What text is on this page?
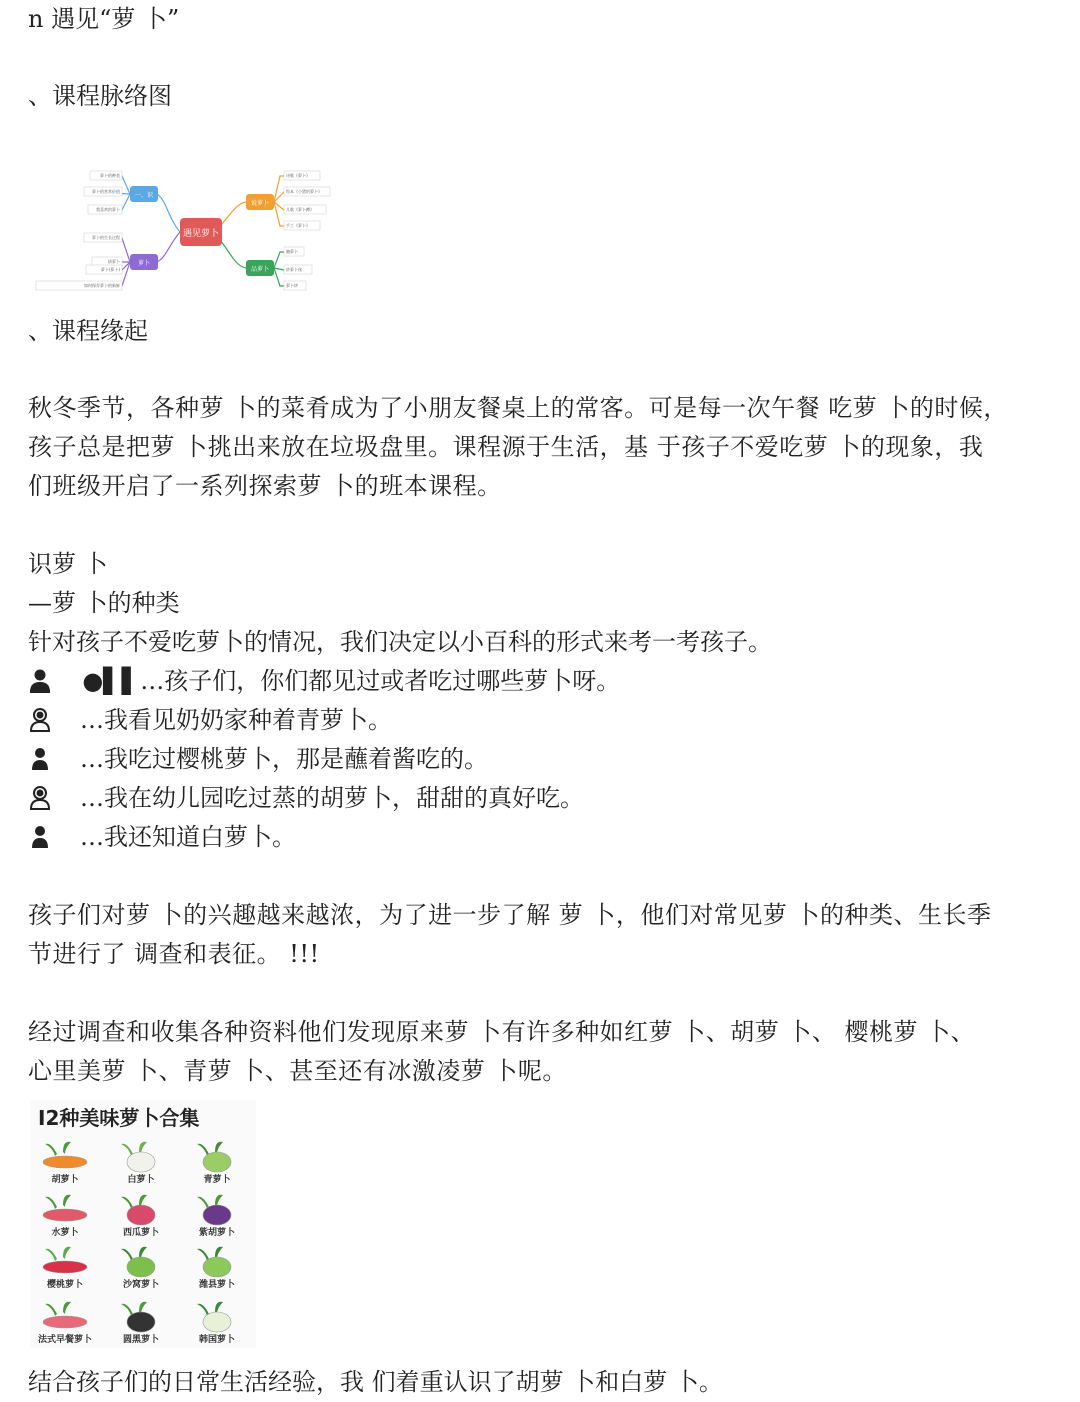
n 遇见“萝 卜”
、课程脉络图
遇见萝卜
一、识
萝卜
说萝卜
品萝卜
萝卜的种类
萝卜的营养价值
我喜欢的萝卜
萝卜的生长过程
拔萝卜
萝卜(萝卜)
如何保存萝卜的新鲜
诗歌《萝卜》
绘本《小猪的萝卜》
儿歌《萝卜蹲》
手工《萝卜》
腌萝卜
炒萝卜丝
萝卜饼
、课程缘起
秋冬季节，各种萝 卜的菜肴成为了小朋友餐桌上的常客。可是每一次午餐 吃萝 卜的时候，
孩子总是把萝 卜挑出来放在垃圾盘里。课程源于生活，基 于孩子不爱吃萝 卜的现象，我
们班级开启了一系列探索萝 卜的班本课程。
识萝 卜
—萝 卜的种类
针对孩子不爱吃萝卜的情况，我们决定以小百科的形式来考一考孩子。
●▌▌…孩子们，你们都见过或者吃过哪些萝卜呀。
…我看见奶奶家种着青萝卜。
…我吃过樱桃萝卜，那是蘸着酱吃的。
…我在幼儿园吃过蒸的胡萝卜，甜甜的真好吃。
…我还知道白萝卜。
孩子们对萝 卜的兴趣越来越浓，为了进一步了解 萝 卜，他们对常见萝 卜的种类、生长季
节进行了 调查和表征。 !!!
经过调查和收集各种资料他们发现原来萝 卜有许多种如红萝 卜、胡萝 卜、 樱桃萝 卜、
心里美萝 卜、青萝 卜、甚至还有冰激凌萝 卜呢。
I2种美味萝卜合集
胡萝卜	白萝卜	青萝卜
水萝卜	西瓜萝卜	紫胡萝卜
樱桃萝卜	沙窝萝卜	潍县萝卜
法式早餐萝卜	圆黑萝卜	韩国萝卜
结合孩子们的日常生活经验，我 们着重认识了胡萝 卜和白萝 卜。
